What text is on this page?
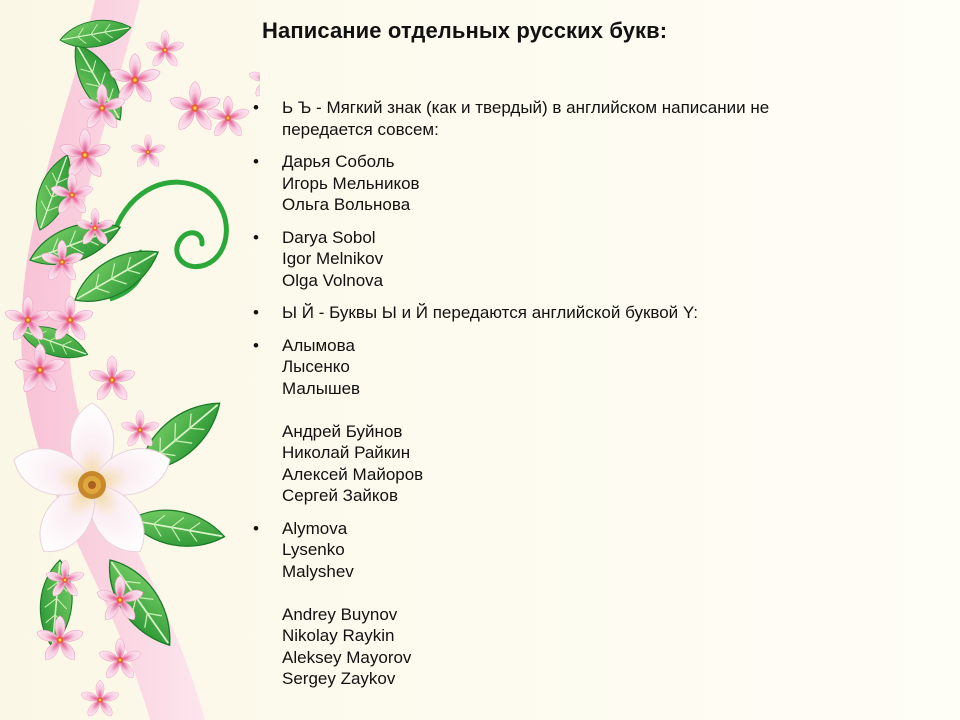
Написание отдельных русских букв:
• Ь Ъ - Мягкий знак (как и твердый) в английском написании не
передается совсем:
• Дарья Соболь
Игорь Мельников
Ольга Вольнова
• Darya Sobol
Igor Melnikov
Olga Volnova
• Ы Й - Буквы Ы и Й передаются английской буквой Y:
• Алымова
Лысенко
Малышев
Андрей Буйнов
Николай Райкин
Алексей Майоров
Сергей Зайков
• Alymova
Lysenko
Malyshev
Andrey Buynov
Nikolay Raykin
Aleksey Mayorov
Sergey Zaykov
